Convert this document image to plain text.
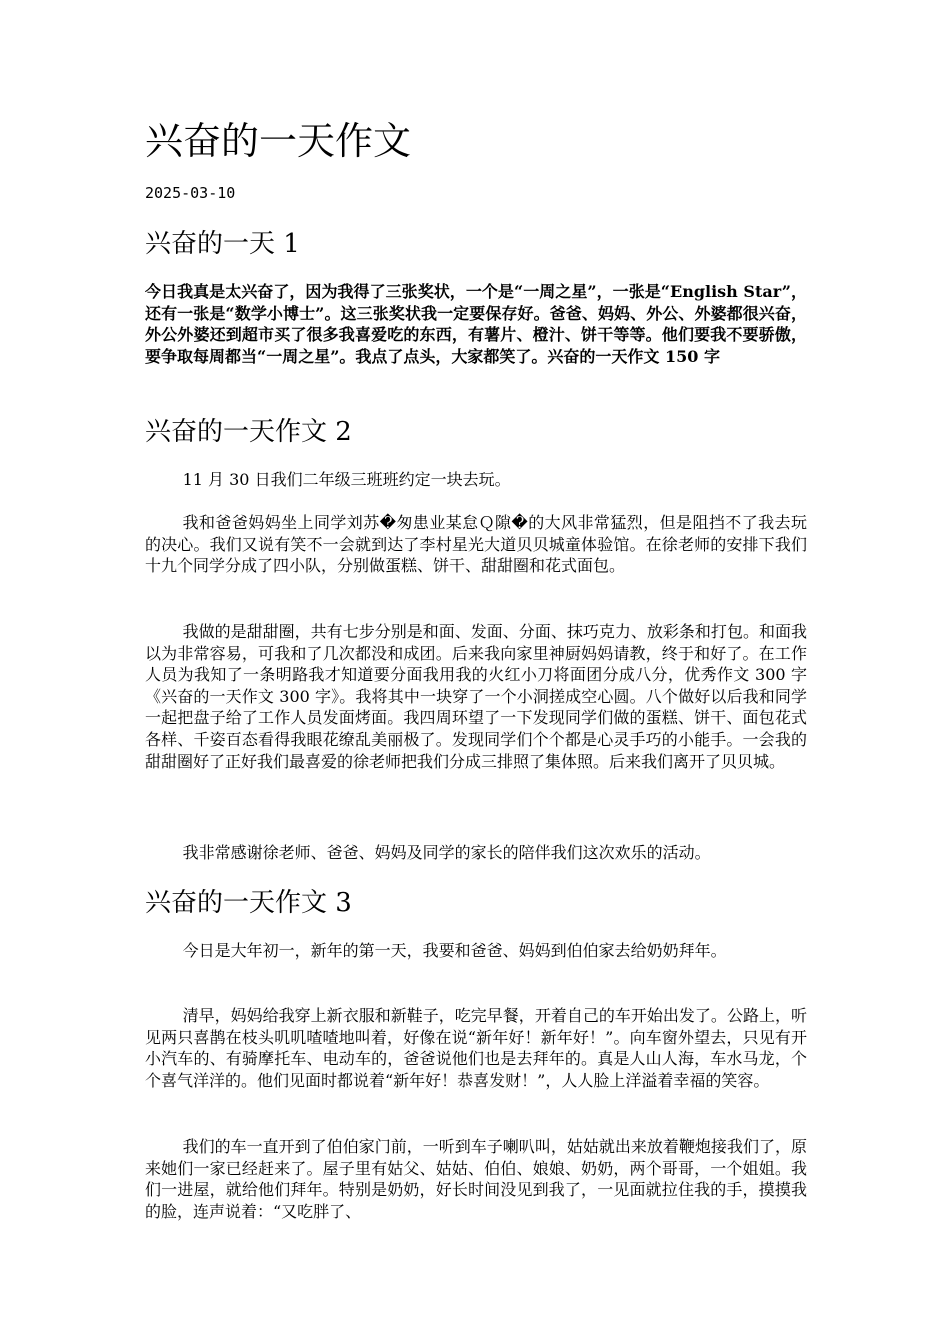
兴奋的一天作文
2025-03-10
兴奋的一天 1

今日我真是太兴奋了，因为我得了三张奖状，一个是“一周之星”，一张是“English Star”，还有一张是“数学小博士”。这三张奖状我一定要保存好。爸爸、妈妈、外公、外婆都很兴奋，外公外婆还到超市买了很多我喜爱吃的东西，有薯片、橙汁、饼干等等。他们要我不要骄傲，要争取每周都当“一周之星”。我点了点头，大家都笑了。兴奋的一天作文 150 字

兴奋的一天作文 2

11 月 30 日我们二年级三班班约定一块去玩。

我和爸爸妈妈坐上同学刘苏�匆患业某怠Ｑ隙�的大风非常猛烈，但是阻挡不了我去玩的决心。我们又说有笑不一会就到达了李村星光大道贝贝城童体验馆。在徐老师的安排下我们十九个同学分成了四小队，分别做蛋糕、饼干、甜甜圈和花式面包。

我做的是甜甜圈，共有七步分别是和面、发面、分面、抹巧克力、放彩条和打包。和面我以为非常容易，可我和了几次都没和成团。后来我向家里神厨妈妈请教，终于和好了。在工作人员为我知了一条明路我才知道要分面我用我的火红小刀将面团分成八分，优秀作文 300 字《兴奋的一天作文 300 字》。我将其中一块穿了一个小洞搓成空心圆。八个做好以后我和同学一起把盘子给了工作人员发面烤面。我四周环望了一下发现同学们做的蛋糕、饼干、面包花式各样、千姿百态看得我眼花缭乱美丽极了。发现同学们个个都是心灵手巧的小能手。一会我的甜甜圈好了正好我们最喜爱的徐老师把我们分成三排照了集体照。后来我们离开了贝贝城。

我非常感谢徐老师、爸爸、妈妈及同学的家长的陪伴我们这次欢乐的活动。

兴奋的一天作文 3

今日是大年初一，新年的第一天，我要和爸爸、妈妈到伯伯家去给奶奶拜年。

清早，妈妈给我穿上新衣服和新鞋子，吃完早餐，开着自己的车开始出发了。公路上，听见两只喜鹊在枝头叽叽喳喳地叫着，好像在说“新年好！新年好！”。向车窗外望去，只见有开小汽车的、有骑摩托车、电动车的，爸爸说他们也是去拜年的。真是人山人海，车水马龙，个个喜气洋洋的。他们见面时都说着“新年好！恭喜发财！”，人人脸上洋溢着幸福的笑容。

我们的车一直开到了伯伯家门前，一听到车子喇叭叫，姑姑就出来放着鞭炮接我们了，原来她们一家已经赶来了。屋子里有姑父、姑姑、伯伯、娘娘、奶奶，两个哥哥，一个姐姐。我们一进屋，就给他们拜年。特别是奶奶，好长时间没见到我了，一见面就拉住我的手，摸摸我的脸，连声说着：“又吃胖了、
